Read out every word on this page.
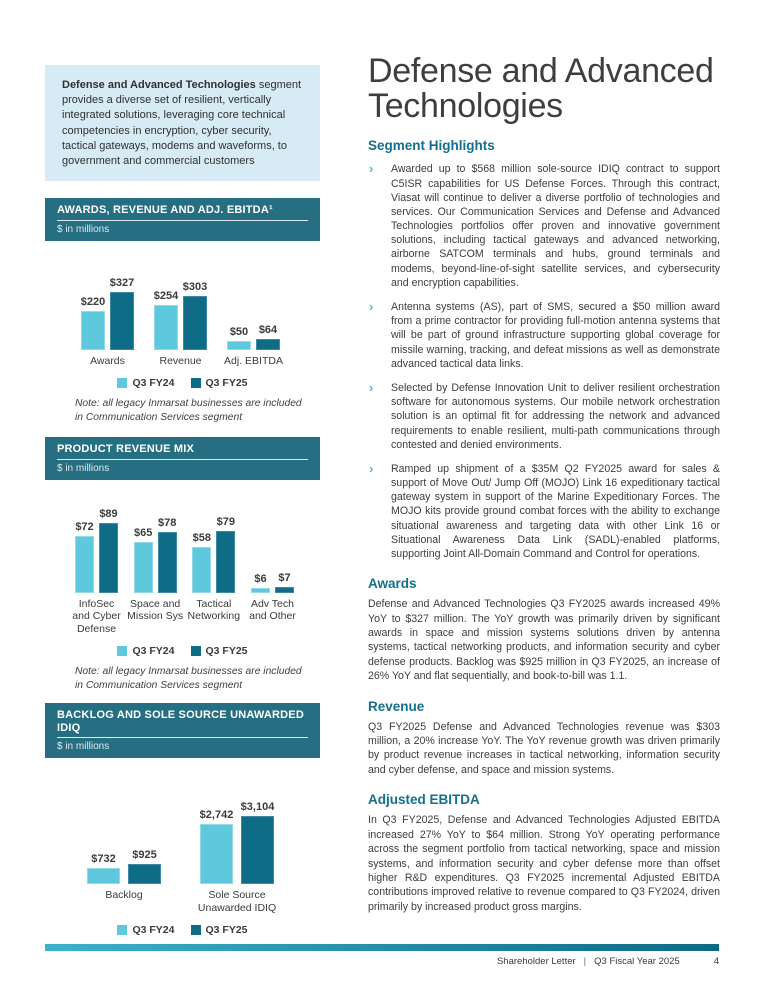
Defense and Advanced Technologies segment provides a diverse set of resilient, vertically integrated solutions, leveraging core technical competencies in encryption, cyber security, tactical gateways, modems and waveforms, to government and commercial customers
AWARDS, REVENUE AND ADJ. EBITDA¹
$ in millions
$220
$327
$254
$303
$50 $64
Awards	Revenue Adj. EBITDA
Q3 FY24	Q3 FY25
Note: all legacy Inmarsat businesses are included in Communication Services segment
PRODUCT REVENUE MIX
$ in millions
$72
$89
$65
$78
$58
$79
$6 $7
InfoSec
and Cyber
Defense
Space and
Mission Sys
Tactical
Networking
Adv Tech
and Other
Q3 FY24	Q3 FY25
Note: all legacy Inmarsat businesses are included in Communication Services segment
BACKLOG AND SOLE SOURCE UNAWARDED IDIQ
$ in millions
$732 $925
$2,742
$3,104
Backlog	Sole Source
Unawarded IDIQ
Q3 FY24	Q3 FY25
Defense and Advanced Technologies
Segment Highlights
›	Awarded up to $568 million sole-source IDIQ contract to support C5ISR capabilities for US Defense Forces. Through this contract, Viasat will continue to deliver a diverse portfolio of technologies and services. Our Communication Services and Defense and Advanced Technologies portfolios offer proven and innovative government solutions, including tactical gateways and advanced networking, airborne SATCOM terminals and hubs, ground terminals and modems, beyond-line-of-sight satellite services, and cybersecurity and encryption capabilities.
›	Antenna systems (AS), part of SMS, secured a $50 million award from a prime contractor for providing full-motion antenna systems that will be part of ground infrastructure supporting global coverage for missile warning, tracking, and defeat missions as well as demonstrate advanced tactical data links.
›	Selected by Defense Innovation Unit to deliver resilient orchestration software for autonomous systems. Our mobile network orchestration solution is an optimal fit for addressing the network and advanced requirements to enable resilient, multi-path communications through contested and denied environments.
›	Ramped up shipment of a $35M Q2 FY2025 award for sales & support of Move Out/ Jump Off (MOJO) Link 16 expeditionary tactical gateway system in support of the Marine Expeditionary Forces. The MOJO kits provide ground combat forces with the ability to exchange situational awareness and targeting data with other Link 16 or Situational Awareness Data Link (SADL)-enabled platforms, supporting Joint All-Domain Command and Control for operations.
Awards
Defense and Advanced Technologies Q3 FY2025 awards increased 49% YoY to $327 million. The YoY growth was primarily driven by significant awards in space and mission systems solutions driven by antenna systems, tactical networking products, and information security and cyber defense products. Backlog was $925 million in Q3 FY2025, an increase of 26% YoY and flat sequentially, and book-to-bill was 1.1.
Revenue
Q3 FY2025 Defense and Advanced Technologies revenue was $303 million, a 20% increase YoY. The YoY revenue growth was driven primarily by product revenue increases in tactical networking, information security and cyber defense, and space and mission systems.
Adjusted EBITDA
In Q3 FY2025, Defense and Advanced Technologies Adjusted EBITDA increased 27% YoY to $64 million. Strong YoY operating performance across the segment portfolio from tactical networking, space and mission systems, and information security and cyber defense more than offset higher R&D expenditures. Q3 FY2025 incremental Adjusted EBITDA contributions improved relative to revenue compared to Q3 FY2024, driven primarily by increased product gross margins.
Shareholder Letter | Q3 Fiscal Year 2025	4
